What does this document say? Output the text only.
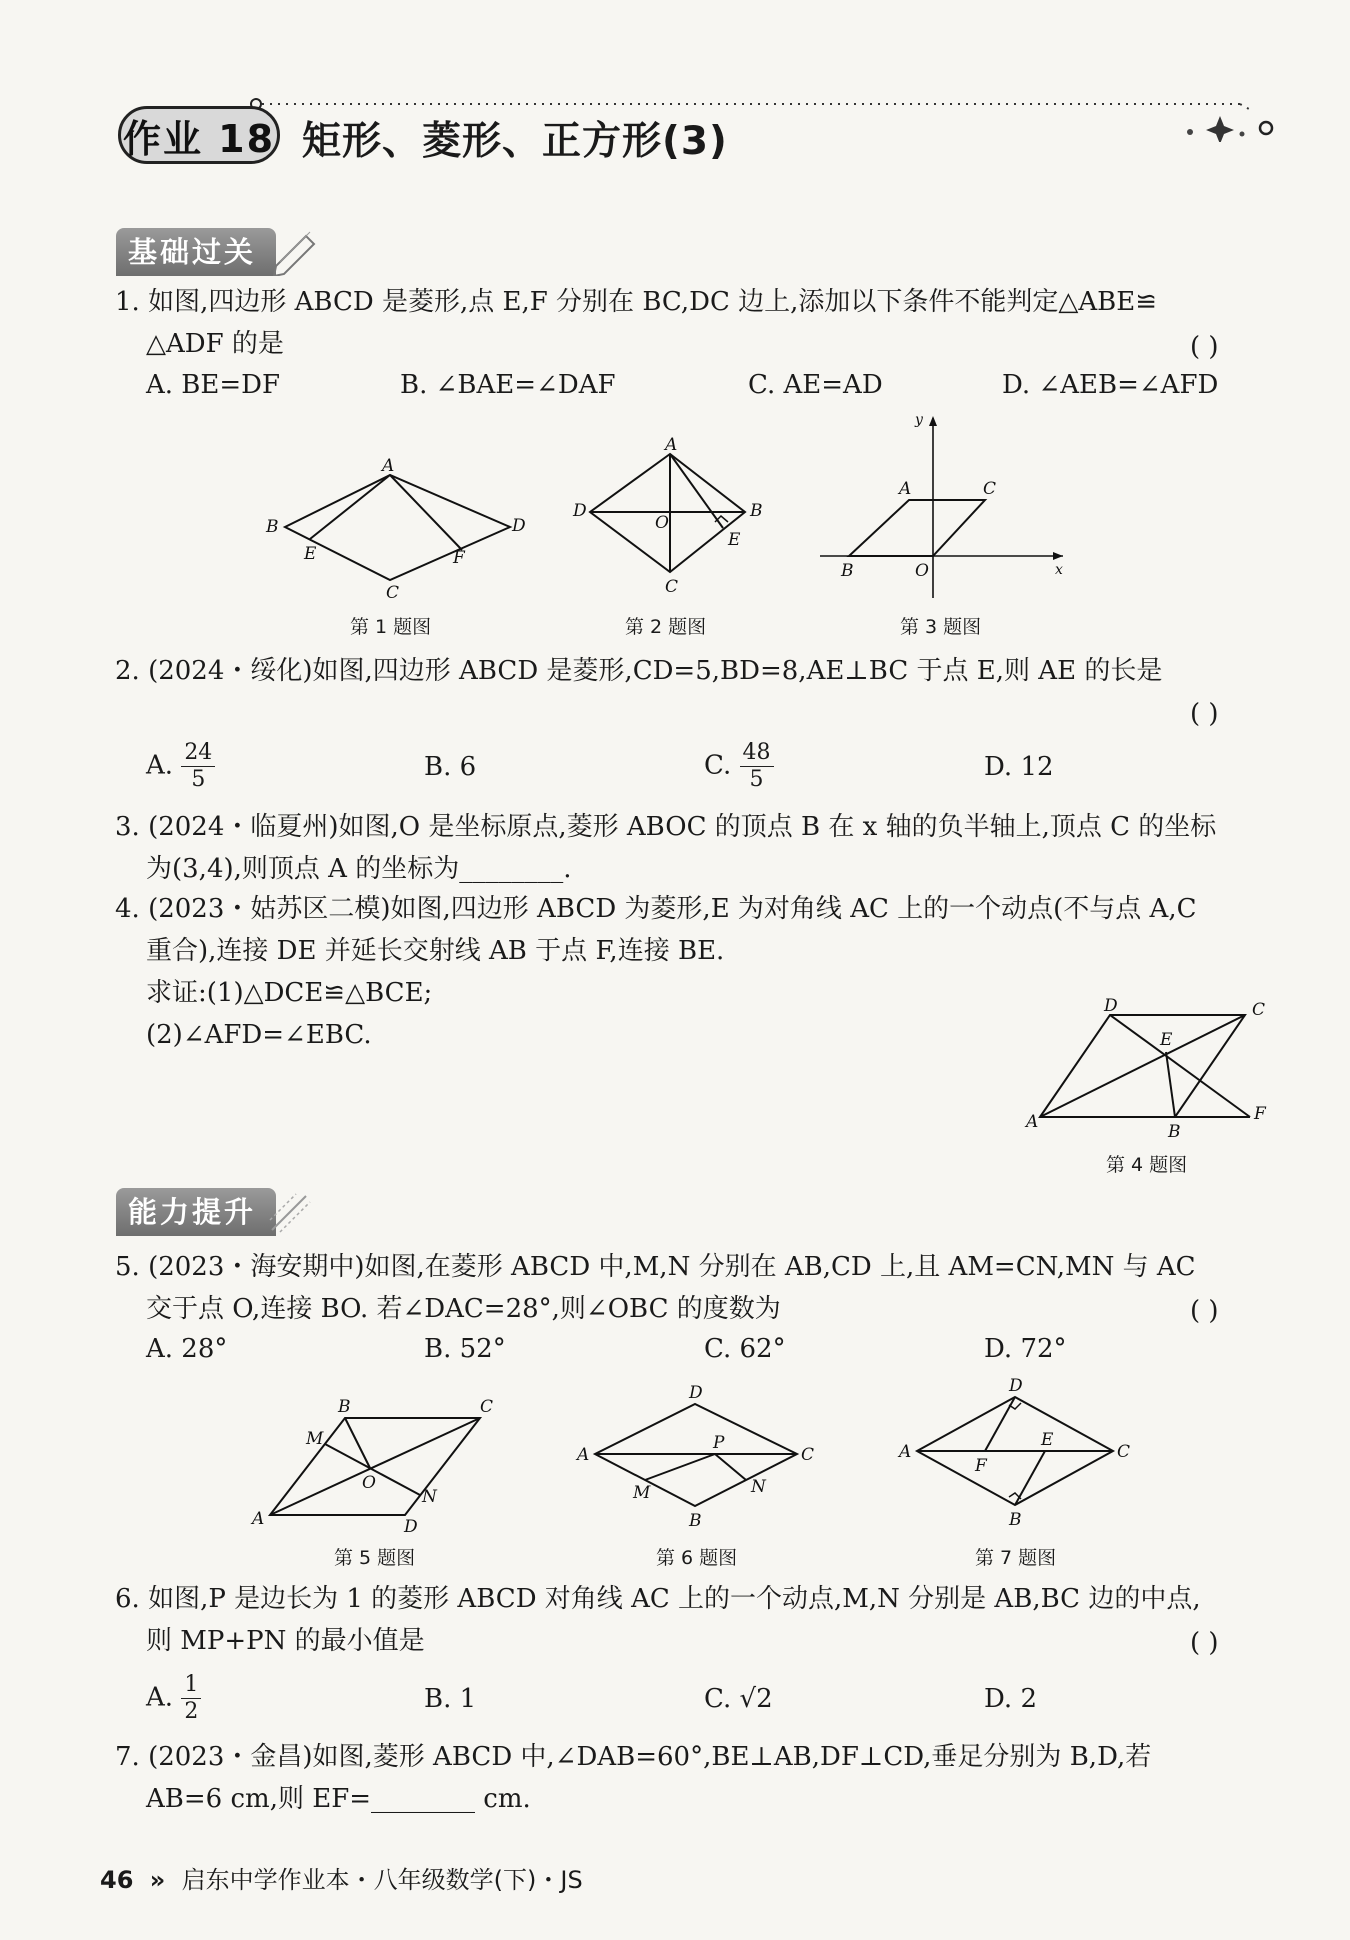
作业 18 矩形、菱形、正方形(3)
基础过关
1. 如图,四边形 ABCD 是菱形,点 E,F 分别在 BC,DC 边上,添加以下条件不能判定△ABE≌
△ADF 的是	( )
A. BE=DF	B. ∠BAE=∠DAF	C. AE=AD	D. ∠AEB=∠AFD
A
B
C
D
E	F
第 1 题图
A
B
C
D
E
O
第 2 题图
y
x
A	C
B	O
第 3 题图
2. (2024・绥化)如图,四边形 ABCD 是菱形,CD=5,BD=8,AE⊥BC 于点 E,则 AE 的长是
( )
A. $\frac{24}{5}$	B. 6	C. $\frac{48}{5}$	D. 12
3. (2024・临夏州)如图,O 是坐标原点,菱形 ABOC 的顶点 B 在 x 轴的负半轴上,顶点 C 的坐标
为(3,4),则顶点 A 的坐标为________.
4. (2023・姑苏区二模)如图,四边形 ABCD 为菱形,E 为对角线 AC 上的一个动点(不与点 A,C
重合),连接 DE 并延长交射线 AB 于点 F,连接 BE.
求证:(1)△DCE≌△BCE;
(2)∠AFD=∠EBC.
D	C
E
A	B
F
第 4 题图
能力提升
5. (2023・海安期中)如图,在菱形 ABCD 中,M,N 分别在 AB,CD 上,且 AM=CN,MN 与 AC
交于点 O,连接 BO. 若∠DAC=28°,则∠OBC 的度数为	( )
A. 28°	B. 52°	C. 62°	D. 72°
B	C
M
O
N
A	D
第 5 题图
D
A	C
P
M	N
B
第 6 题图
D
A	C
F
E
B
第 7 题图
6. 如图,P 是边长为 1 的菱形 ABCD 对角线 AC 上的一个动点,M,N 分别是 AB,BC 边的中点,
则 MP+PN 的最小值是	( )
A. $\frac{1}{2}$	B. 1	C. √2	D. 2
7. (2023・金昌)如图,菱形 ABCD 中,∠DAB=60°,BE⊥AB,DF⊥CD,垂足分别为 B,D,若
AB=6 cm,则 EF=________ cm.
46 » 启东中学作业本・八年级数学(下)・JS
